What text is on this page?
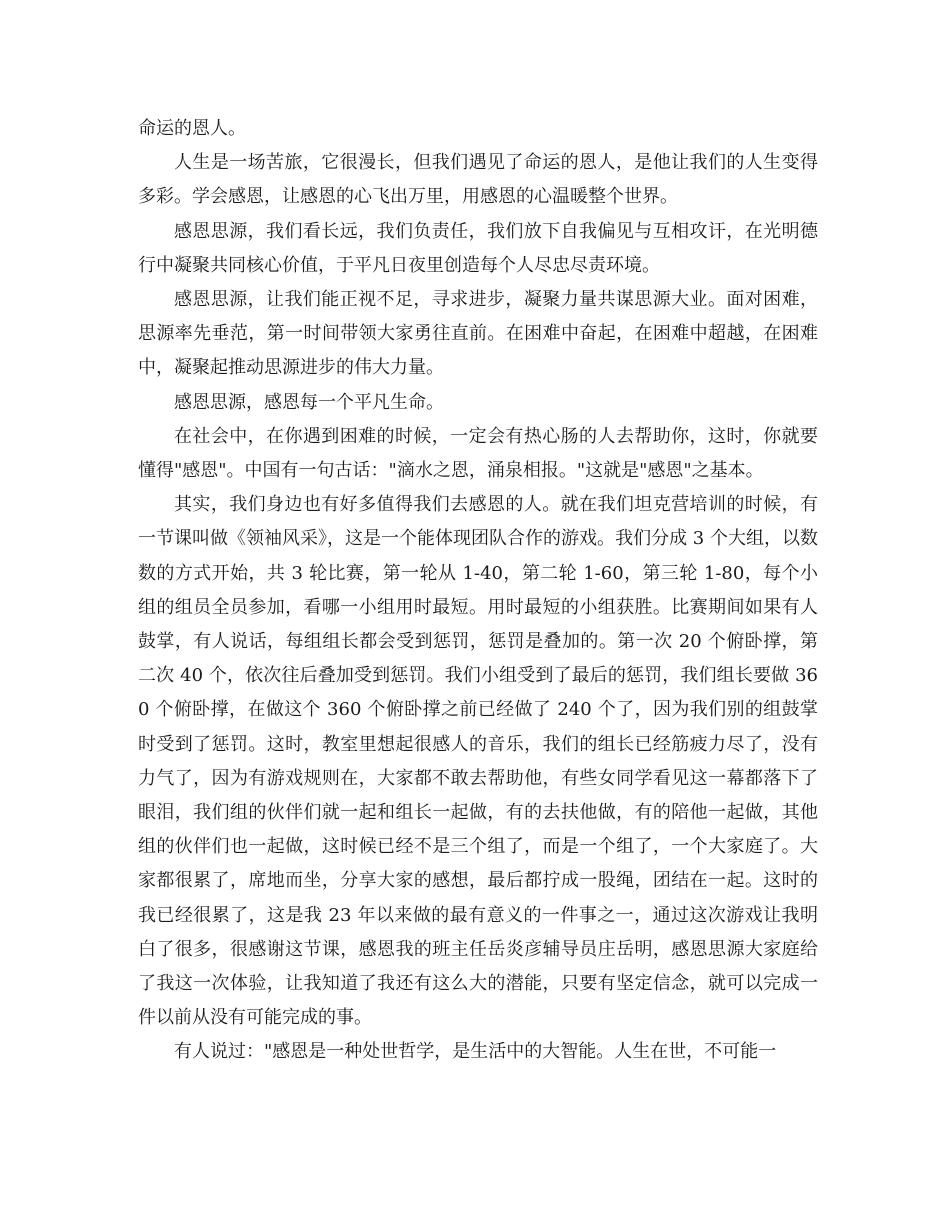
命运的恩人。

人生是一场苦旅，它很漫长，但我们遇见了命运的恩人，是他让我们的人生变得多彩。学会感恩，让感恩的心飞出万里，用感恩的心温暖整个世界。

感恩思源，我们看长远，我们负责任，我们放下自我偏见与互相攻讦，在光明德行中凝聚共同核心价值，于平凡日夜里创造每个人尽忠尽责环境。

感恩思源，让我们能正视不足，寻求进步，凝聚力量共谋思源大业。面对困难，思源率先垂范，第一时间带领大家勇往直前。在困难中奋起，在困难中超越，在困难中，凝聚起推动思源进步的伟大力量。

感恩思源，感恩每一个平凡生命。

在社会中，在你遇到困难的时候，一定会有热心肠的人去帮助你，这时，你就要懂得"感恩"。中国有一句古话："滴水之恩，涌泉相报。"这就是"感恩"之基本。

其实，我们身边也有好多值得我们去感恩的人。就在我们坦克营培训的时候，有一节课叫做《领袖风采》，这是一个能体现团队合作的游戏。我们分成 3 个大组，以数数的方式开始，共 3 轮比赛，第一轮从 1-40，第二轮 1-60，第三轮 1-80，每个小组的组员全员参加，看哪一小组用时最短。用时最短的小组获胜。比赛期间如果有人鼓掌，有人说话，每组组长都会受到惩罚，惩罚是叠加的。第一次 20 个俯卧撑，第二次 40 个，依次往后叠加受到惩罚。我们小组受到了最后的惩罚，我们组长要做 360 个俯卧撑，在做这个 360 个俯卧撑之前已经做了 240 个了，因为我们别的组鼓掌时受到了惩罚。这时，教室里想起很感人的音乐，我们的组长已经筋疲力尽了，没有力气了，因为有游戏规则在，大家都不敢去帮助他，有些女同学看见这一幕都落下了眼泪，我们组的伙伴们就一起和组长一起做，有的去扶他做，有的陪他一起做，其他组的伙伴们也一起做，这时候已经不是三个组了，而是一个组了，一个大家庭了。大家都很累了，席地而坐，分享大家的感想，最后都拧成一股绳，团结在一起。这时的我已经很累了，这是我 23 年以来做的最有意义的一件事之一，通过这次游戏让我明白了很多，很感谢这节课，感恩我的班主任岳炎彦辅导员庄岳明，感恩思源大家庭给了我这一次体验，让我知道了我还有这么大的潜能，只要有坚定信念，就可以完成一件以前从没有可能完成的事。

有人说过："感恩是一种处世哲学，是生活中的大智能。人生在世，不可能一
